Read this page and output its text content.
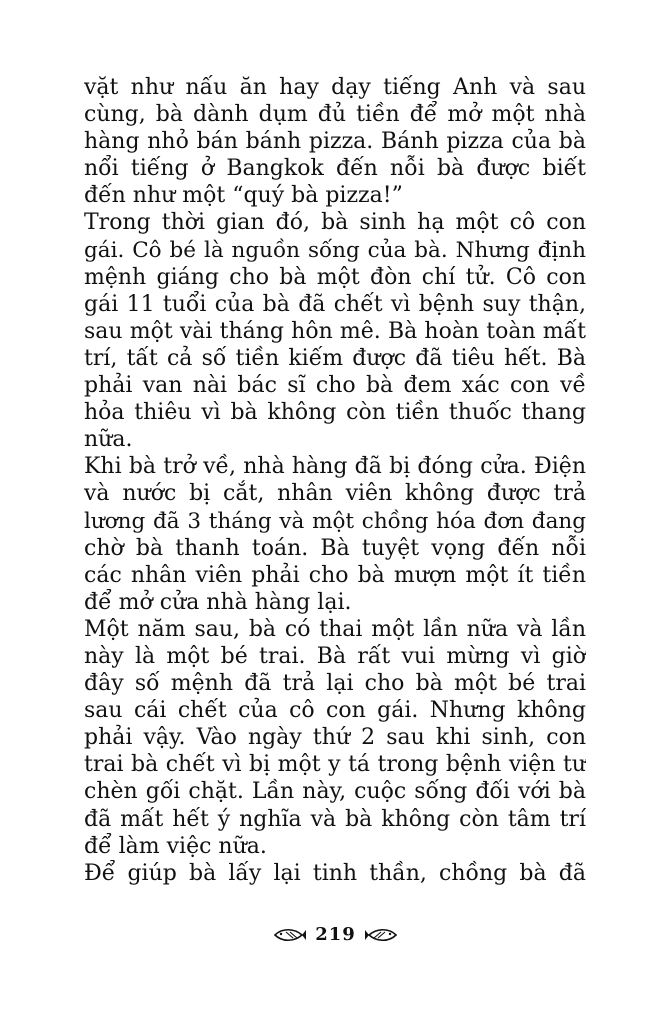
vặt như nấu ăn hay dạy tiếng Anh và sau
cùng, bà dành dụm đủ tiền để mở một nhà
hàng nhỏ bán bánh pizza. Bánh pizza của bà
nổi tiếng ở Bangkok đến nỗi bà được biết
đến như một “quý bà pizza!”
Trong thời gian đó, bà sinh hạ một cô con
gái. Cô bé là nguồn sống của bà. Nhưng định
mệnh giáng cho bà một đòn chí tử. Cô con
gái 11 tuổi của bà đã chết vì bệnh suy thận,
sau một vài tháng hôn mê. Bà hoàn toàn mất
trí, tất cả số tiền kiếm được đã tiêu hết. Bà
phải van nài bác sĩ cho bà đem xác con về
hỏa thiêu vì bà không còn tiền thuốc thang
nữa.
Khi bà trở về, nhà hàng đã bị đóng cửa. Điện
và nước bị cắt, nhân viên không được trả
lương đã 3 tháng và một chồng hóa đơn đang
chờ bà thanh toán. Bà tuyệt vọng đến nỗi
các nhân viên phải cho bà mượn một ít tiền
để mở cửa nhà hàng lại.
Một năm sau, bà có thai một lần nữa và lần
này là một bé trai. Bà rất vui mừng vì giờ
đây số mệnh đã trả lại cho bà một bé trai
sau cái chết của cô con gái. Nhưng không
phải vậy. Vào ngày thứ 2 sau khi sinh, con
trai bà chết vì bị một y tá trong bệnh viện tư
chèn gối chặt. Lần này, cuộc sống đối với bà
đã mất hết ý nghĩa và bà không còn tâm trí
để làm việc nữa.
Để giúp bà lấy lại tinh thần, chồng bà đã
219
